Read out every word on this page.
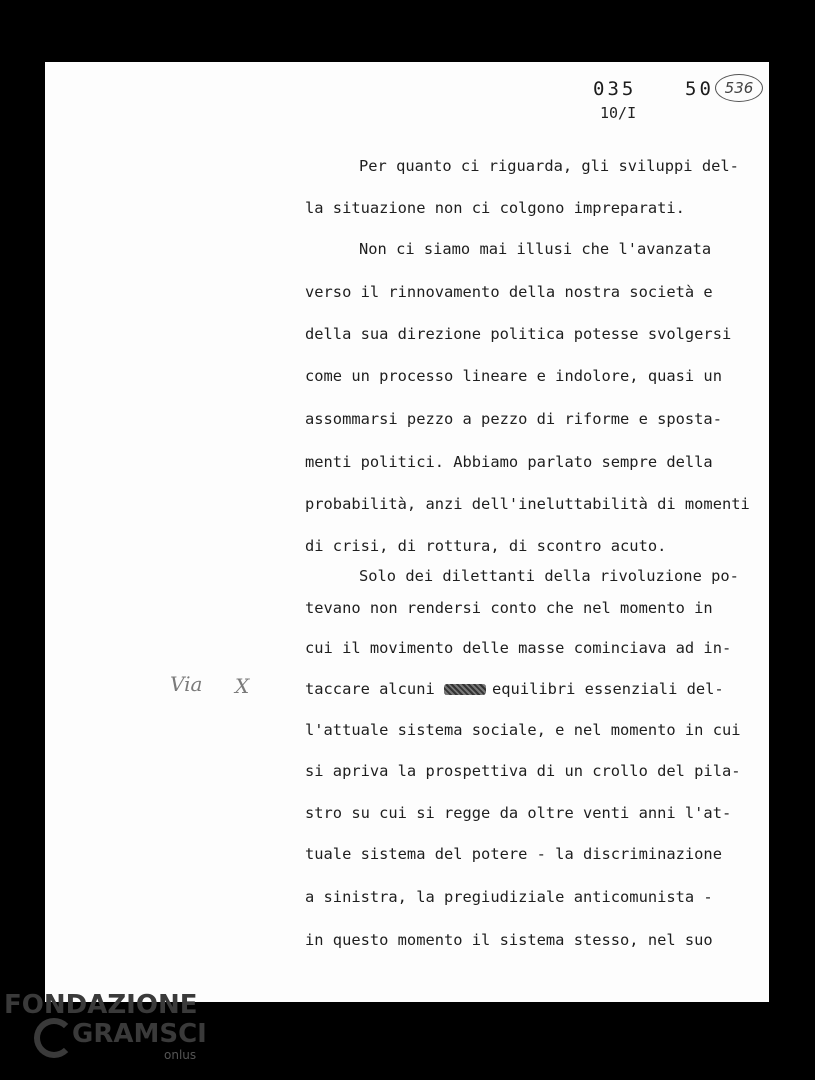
035	50 536
10/I
Per quanto ci riguarda, gli sviluppi del-
la situazione non ci colgono impreparati.
Non ci siamo mai illusi che l'avanzata
verso il rinnovamento della nostra società e
della sua direzione politica potesse svolgersi
come un processo lineare e indolore, quasi un
assommarsi pezzo a pezzo di riforme e sposta-
menti politici. Abbiamo parlato sempre della
probabilità, anzi dell'ineluttabilità di momenti
di crisi, di rottura, di scontro acuto.
Solo dei dilettanti della rivoluzione po-
tevano non rendersi conto che nel momento in
cui il movimento delle masse cominciava ad in-
taccare alcuni	equilibri essenziali del-
l'attuale sistema sociale, e nel momento in cui
si apriva la prospettiva di un crollo del pila-
stro su cui si regge da oltre venti anni l'at-
tuale sistema del potere - la discriminazione
a sinistra, la pregiudiziale anticomunista -
in questo momento il sistema stesso, nel suo
Via X
FONDAZIONE
GRAMSCI
onlus
